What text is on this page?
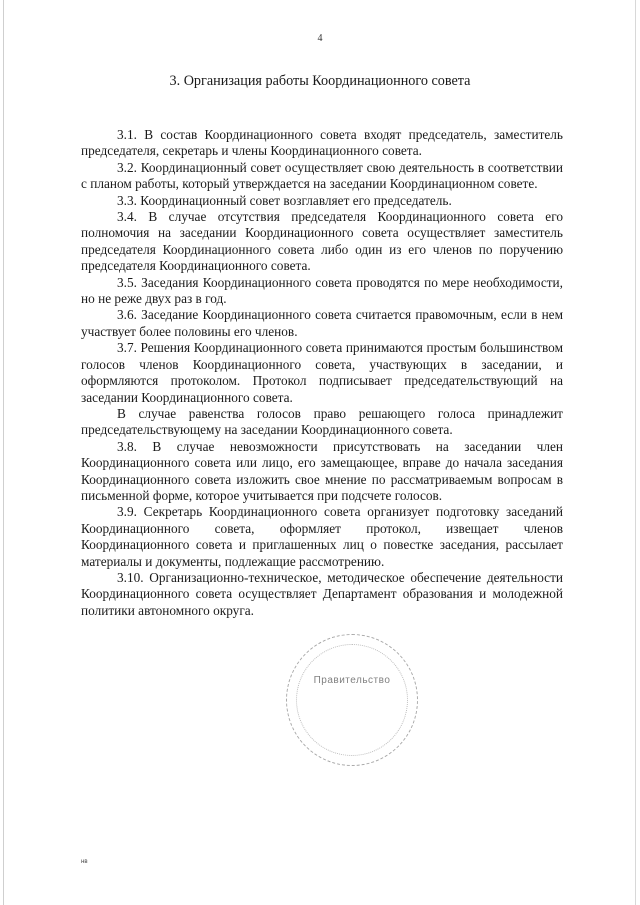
4
3. Организация работы Координационного совета

3.1. В состав Координационного совета входят председатель, заместитель председателя, секретарь и члены Координационного совета.

3.2. Координационный совет осуществляет свою деятельность в соответствии с планом работы, который утверждается на заседании Координационном совете.

3.3. Координационный совет возглавляет его председатель.

3.4. В случае отсутствия председателя Координационного совета его полномочия на заседании Координационного совета осуществляет заместитель председателя Координационного совета либо один из его членов по поручению председателя Координационного совета.

3.5. Заседания Координационного совета проводятся по мере необходимости, но не реже двух раз в год.

3.6. Заседание Координационного совета считается правомочным, если в нем участвует более половины его членов.

3.7. Решения Координационного совета принимаются простым большинством голосов членов Координационного совета, участвующих в заседании, и оформляются протоколом. Протокол подписывает председательствующий на заседании Координационного совета.

В случае равенства голосов право решающего голоса принадлежит председательствующему на заседании Координационного совета.

3.8. В случае невозможности присутствовать на заседании член Координационного совета или лицо, его замещающее, вправе до начала заседания Координационного совета изложить свое мнение по рассматриваемым вопросам в письменной форме, которое учитывается при подсчете голосов.

3.9. Секретарь Координационного совета организует подготовку заседаний Координационного совета, оформляет протокол, извещает членов Координационного совета и приглашенных лиц о повестке заседания, рассылает материалы и документы, подлежащие рассмотрению.

3.10. Организационно-техническое, методическое обеспечение деятельности Координационного совета осуществляет Департамент образования и молодежной политики автономного округа.

Правительство
нв
